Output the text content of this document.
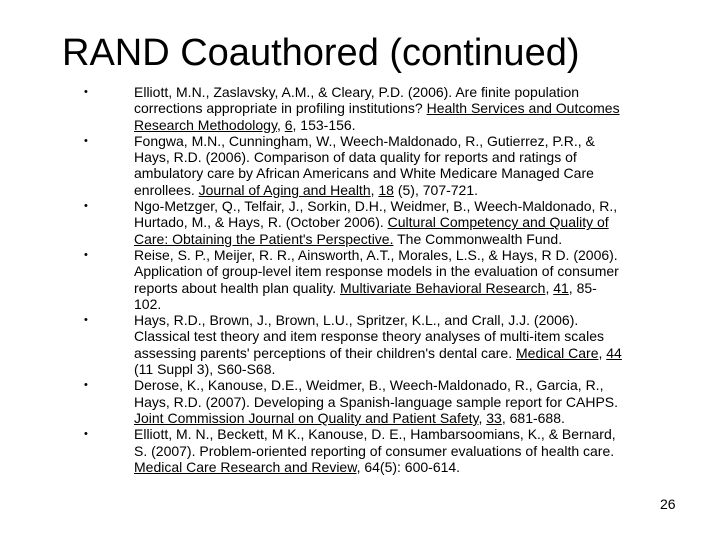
RAND Coauthored (continued)
•	Elliott, M.N., Zaslavsky, A.M., & Cleary, P.D. (2006). Are finite population corrections appropriate in profiling institutions? Health Services and Outcomes Research Methodology, 6, 153-156.
•	Fongwa, M.N., Cunningham, W., Weech-Maldonado, R., Gutierrez, P.R., & Hays, R.D. (2006). Comparison of data quality for reports and ratings of ambulatory care by African Americans and White Medicare Managed Care enrollees. Journal of Aging and Health, 18 (5), 707-721.
•	Ngo-Metzger, Q., Telfair, J., Sorkin, D.H., Weidmer, B., Weech-Maldonado, R., Hurtado, M., & Hays, R. (October 2006). Cultural Competency and Quality of Care: Obtaining the Patient's Perspective. The Commonwealth Fund.
•	Reise, S. P., Meijer, R. R., Ainsworth, A.T., Morales, L.S., & Hays, R D. (2006). Application of group-level item response models in the evaluation of consumer reports about health plan quality. Multivariate Behavioral Research, 41, 85-102.
•	Hays, R.D., Brown, J., Brown, L.U., Spritzer, K.L., and Crall, J.J. (2006). Classical test theory and item response theory analyses of multi-item scales assessing parents' perceptions of their children's dental care. Medical Care, 44 (11 Suppl 3), S60-S68.
•	Derose, K., Kanouse, D.E., Weidmer, B., Weech-Maldonado, R., Garcia, R., Hays, R.D. (2007). Developing a Spanish-language sample report for CAHPS. Joint Commission Journal on Quality and Patient Safety, 33, 681-688.
•	Elliott, M. N., Beckett, M K., Kanouse, D. E., Hambarsoomians, K., & Bernard, S. (2007). Problem-oriented reporting of consumer evaluations of health care. Medical Care Research and Review, 64(5): 600-614.
26
